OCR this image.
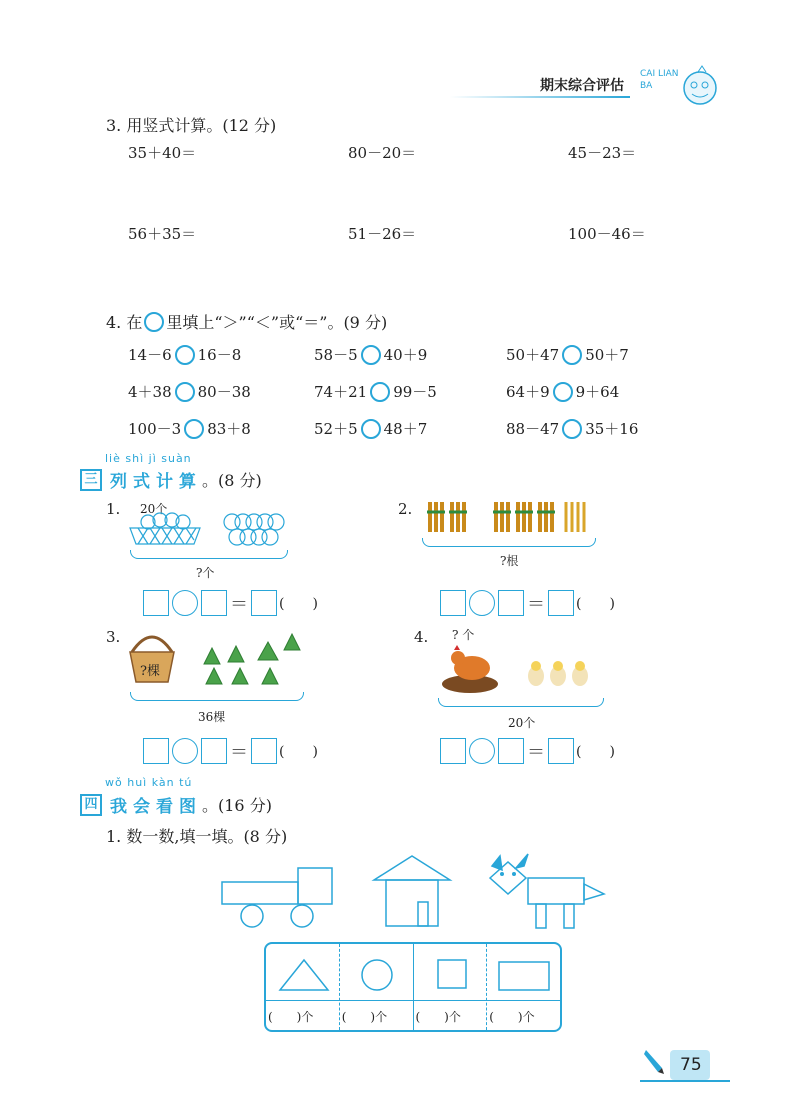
期末综合评估
CAI LIAN BA
3. 用竖式计算。(12 分)
35＋40＝	80－20＝	45－23＝
56＋35＝	51－26＝	100－46＝
4. 在 里填上“＞”“＜”或“＝”。(9 分)
14－6 16－8	58－5 40＋9	50＋47 50＋7
4＋38 80－38	74＋21 99－5	64＋9 9＋64
100－3 83＋8	52＋5 48＋7	88－47 35＋16
liè shì jì suàn
三 列式计算 。(8 分)
1. 20个
?个
＝ (　　)
2.
?根
＝ (　　)
3.
?棵
36棵
＝ (　　)
4. ? 个
20个
＝ (　　)
wǒ huì kàn tú
四 我会看图 。(16 分)
1. 数一数,填一填。(8 分)
(　　)个 (　　)个 (　　)个 (　　)个
75
